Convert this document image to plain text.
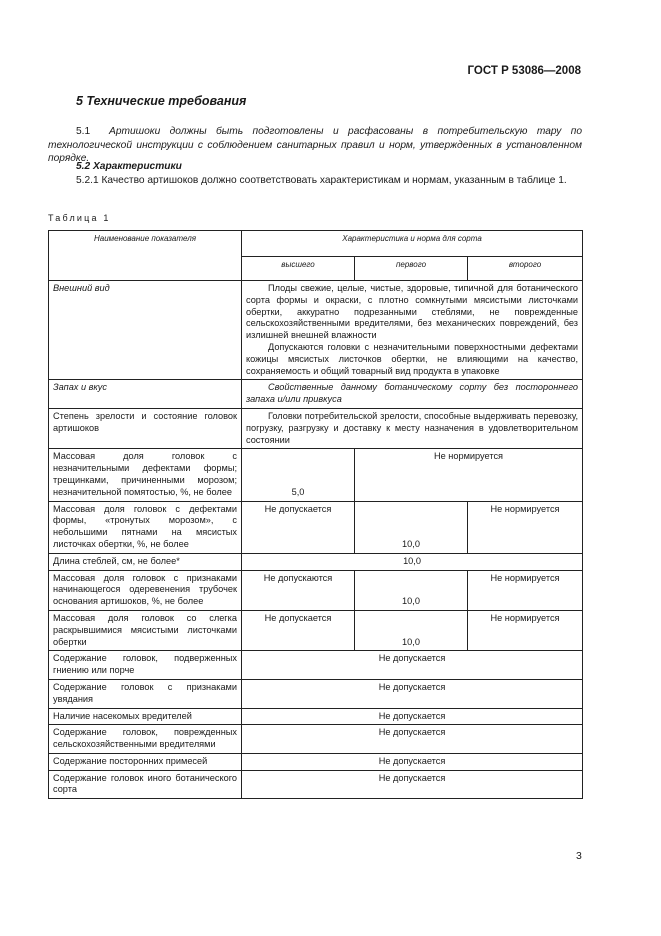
ГОСТ Р 53086—2008
5 Технические требования

5.1 Артишоки должны быть подготовлены и расфасованы в потребительскую тару по технологической инструкции с соблюдением санитарных правил и норм, утвержденных в установленном порядке.

5.2 Характеристики

5.2.1 Качество артишоков должно соответствовать характеристикам и нормам, указанным в таблице 1.

Таблица 1
Наименование показателя	Характеристика и норма для сорта		
	высшего	первого	второго
Внешний вид	Плоды свежие, целые, чистые, здоровые, типичной для ботанического сорта формы и окраски, с плотно сомкнутыми мясистыми листочками обертки, аккуратно подрезанными стеблями, не поврежденные сельскохозяйственными вредителями, без механических повреждений, без излишней внешней влажности

Допускаются головки с незначительными поверхностными дефектами кожицы мясистых листочков обертки, не влияющими на качество, сохраняемость и общий товарный вид продукта в упаковке		

Запах и вкус	Свойственные данному ботаническому сорту без постороннего запаха и/или привкуса		

Степень зрелости и состояние головок артишоков	Головки потребительской зрелости, способные выдерживать перевозку, погрузку, разгрузку и доставку к месту назначения в удовлетворительном состоянии		

Массовая доля головок с незначительными дефектами формы; трещинками, причиненными морозом; незначительной помятостью, %, не более	5,0	Не нормируется	
Массовая доля головок с дефектами формы, «тронутых морозом», с небольшими пятнами на мясистых листочках обертки, %, не более	Не допускается	10,0	Не нормируется
Длина стеблей, см, не более*	10,0		
Массовая доля головок с признаками начинающегося одеревенения трубочек основания артишоков, %, не более	Не допускаются	10,0	Не нормируется
Массовая доля головок со слегка раскрывшимися мясистыми листочками обертки	Не допускается	10,0	Не нормируется
Содержание головок, подверженных гниению или порче	Не допускается		
Содержание головок с признаками увядания	Не допускается		
Наличие насекомых вредителей	Не допускается		
Содержание головок, поврежденных сельскохозяйственными вредителями	Не допускается		
Содержание посторонних примесей	Не допускается		
Содержание головок иного ботанического сорта	Не допускается		
3
